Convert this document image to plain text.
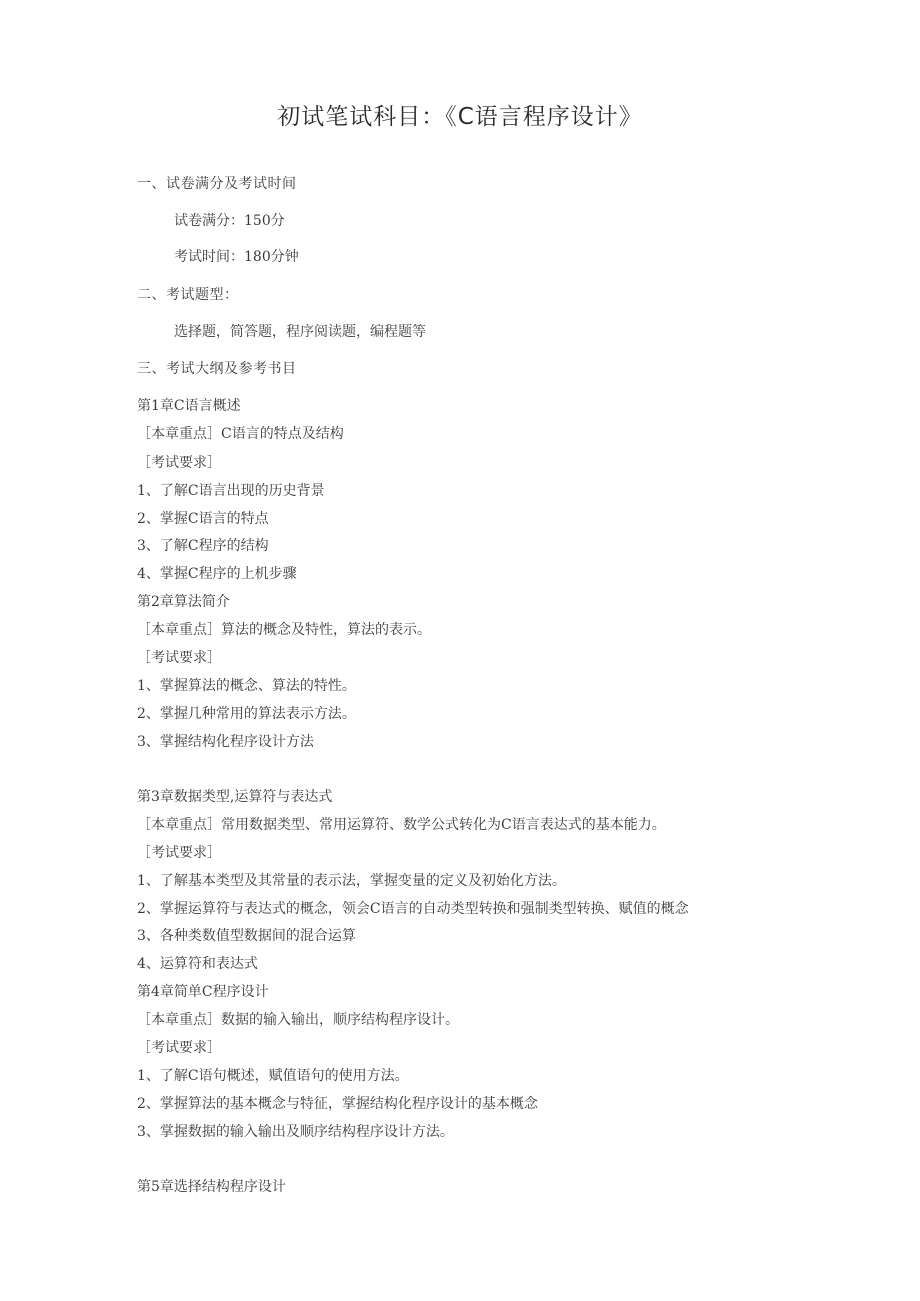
初试笔试科目：《C语言程序设计》
一、试卷满分及考试时间
试卷满分：150分
考试时间：180分钟
二、考试题型：
选择题，简答题，程序阅读题，编程题等
三、考试大纲及参考书目
第1章C语言概述
［本章重点］C语言的特点及结构
［考试要求］
1、了解C语言出现的历史背景
2、掌握C语言的特点
3、了解C程序的结构
4、掌握C程序的上机步骤
第2章算法简介
［本章重点］算法的概念及特性，算法的表示。
［考试要求］
1、掌握算法的概念、算法的特性。
2、掌握几种常用的算法表示方法。
3、掌握结构化程序设计方法
第3章数据类型,运算符与表达式
［本章重点］常用数据类型、常用运算符、数学公式转化为C语言表达式的基本能力。
［考试要求］
1、了解基本类型及其常量的表示法，掌握变量的定义及初始化方法。
2、掌握运算符与表达式的概念，领会C语言的自动类型转换和强制类型转换、赋值的概念
3、各种类数值型数据间的混合运算
4、运算符和表达式
第4章简单C程序设计
［本章重点］数据的输入输出，顺序结构程序设计。
［考试要求］
1、了解C语句概述，赋值语句的使用方法。
2、掌握算法的基本概念与特征，掌握结构化程序设计的基本概念
3、掌握数据的输入输出及顺序结构程序设计方法。
第5章选择结构程序设计
